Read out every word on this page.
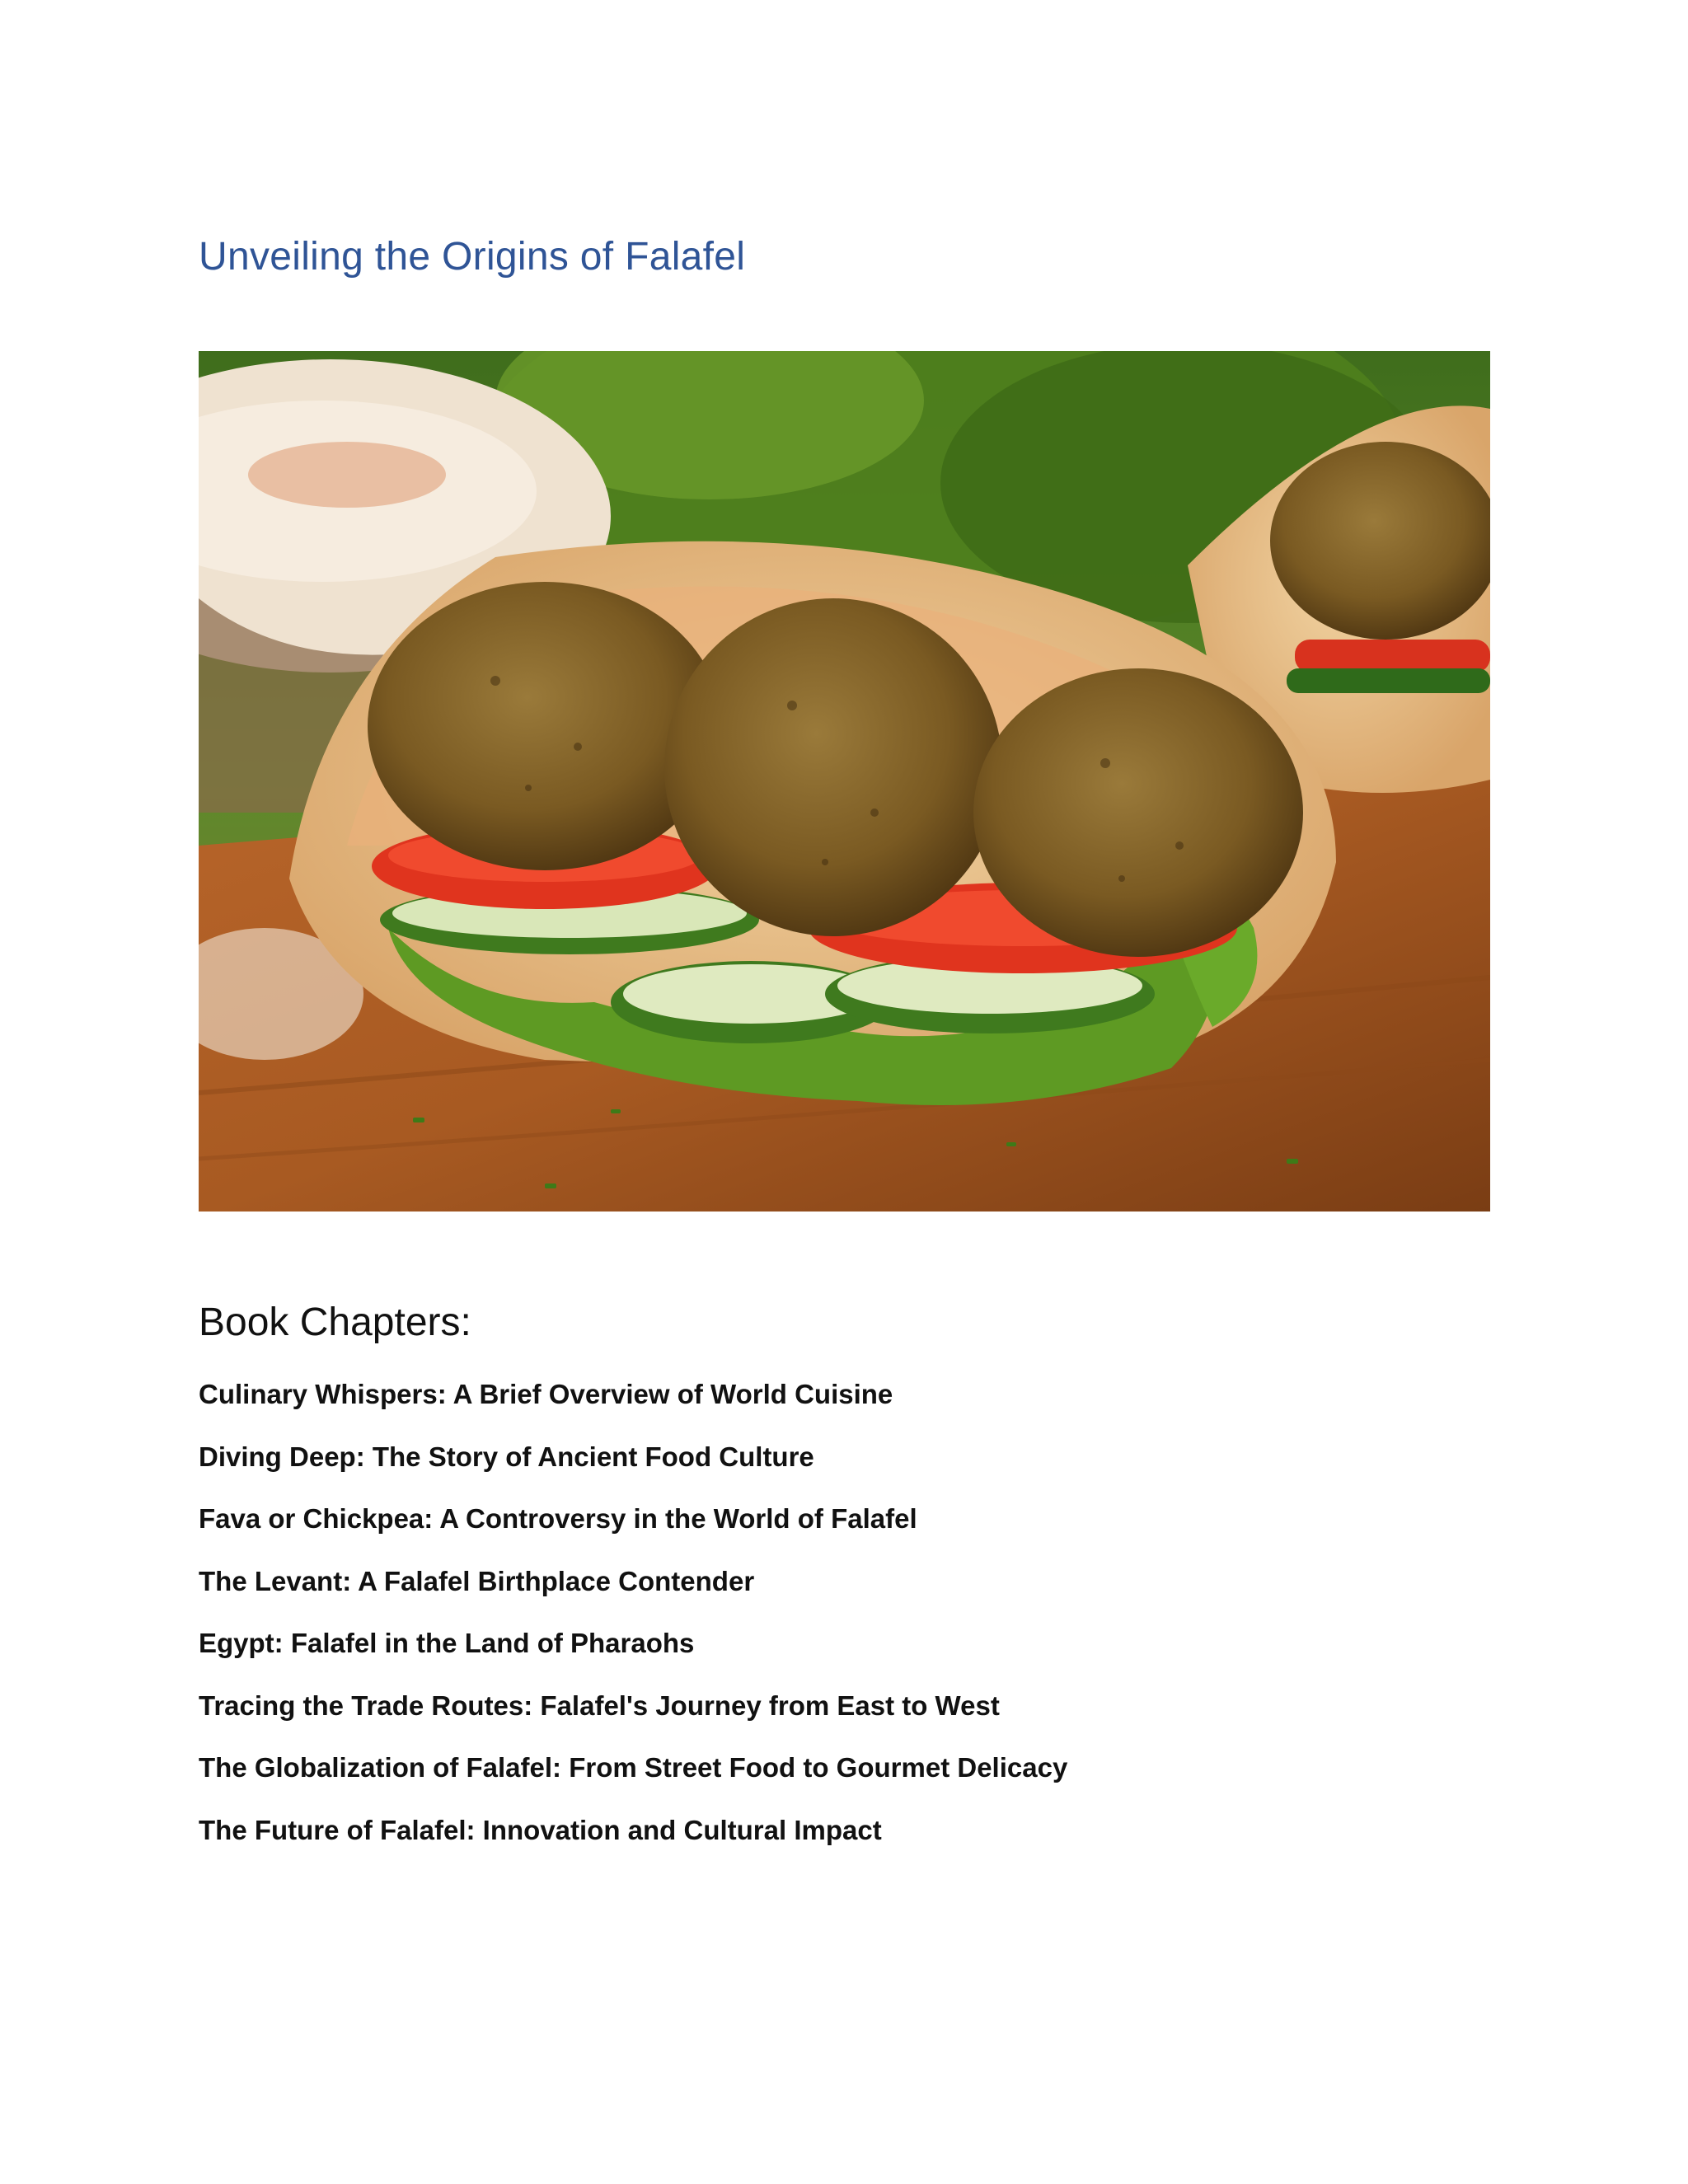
Unveiling the Origins of Falafel
Book Chapters:
Culinary Whispers: A Brief Overview of World Cuisine
Diving Deep: The Story of Ancient Food Culture
Fava or Chickpea: A Controversy in the World of Falafel
The Levant: A Falafel Birthplace Contender
Egypt: Falafel in the Land of Pharaohs
Tracing the Trade Routes: Falafel's Journey from East to West
The Globalization of Falafel: From Street Food to Gourmet Delicacy
The Future of Falafel: Innovation and Cultural Impact
